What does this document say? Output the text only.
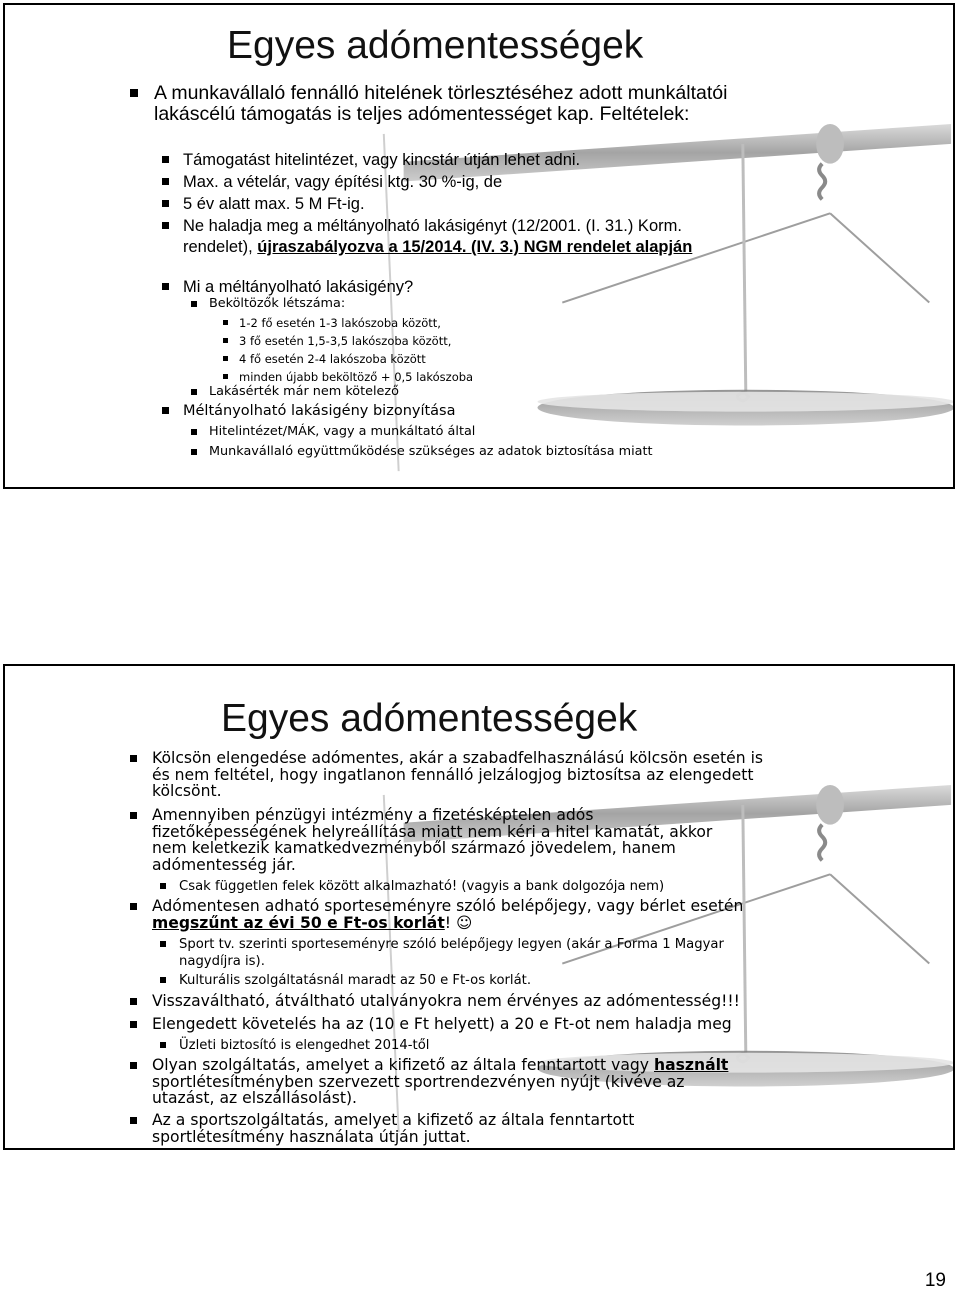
Egyes adómentességek
A munkavállaló fennálló hitelének törlesztéséhez adott munkáltatói lakáscélú támogatás is teljes adómentességet kap. Feltételek:
Támogatást hitelintézet, vagy kincstár útján lehet adni.
Max. a vételár, vagy építési ktg. 30 %-ig, de
5 év alatt max. 5 M Ft-ig.
Ne haladja meg a méltányolható lakásigényt (12/2001. (I. 31.) Korm.
rendelet), újraszabályozva a 15/2014. (IV. 3.) NGM rendelet alapján
Mi a méltányolható lakásigény?
Beköltözők létszáma:
1-2 fő esetén 1-3 lakószoba között,
3 fő esetén 1,5-3,5 lakószoba között,
4 fő esetén 2-4 lakószoba között
minden újabb beköltöző + 0,5 lakószoba
Lakásérték már nem kötelező
Méltányolható lakásigény bizonyítása
Hitelintézet/MÁK, vagy a munkáltató által
Munkavállaló együttműködése szükséges az adatok biztosítása miatt
Egyes adómentességek
Kölcsön elengedése adómentes, akár a szabadfelhasználású kölcsön esetén is és nem feltétel, hogy ingatlanon fennálló jelzálogjog biztosítsa az elengedett kölcsönt.
Amennyiben pénzügyi intézmény a fizetésképtelen adós fizetőképességének helyreállítása miatt nem kéri a hitel kamatát, akkor nem keletkezik kamatkedvezményből származó jövedelem, hanem adómentesség jár.
Csak független felek között alkalmazható! (vagyis a bank dolgozója nem)
Adómentesen adható sporteseményre szóló belépőjegy, vagy bérlet esetén megszűnt az évi 50 e Ft-os korlát! ☺
Sport tv. szerinti sporteseményre szóló belépőjegy legyen (akár a Forma 1 Magyar nagydíjra is).
Kulturális szolgáltatásnál maradt az 50 e Ft-os korlát.
Visszaváltható, átváltható utalványokra nem érvényes az adómentesség!!!
Elengedett követelés ha az (10 e Ft helyett) a 20 e Ft-ot nem haladja meg
Üzleti biztosító is elengedhet 2014-től
Olyan szolgáltatás, amelyet a kifizető az általa fenntartott vagy használt sportlétesítményben szervezett sportrendezvényen nyújt (kivéve az utazást, az elszállásolást).
Az a sportszolgáltatás, amelyet a kifizető az általa fenntartott sportlétesítmény használata útján juttat.
19
